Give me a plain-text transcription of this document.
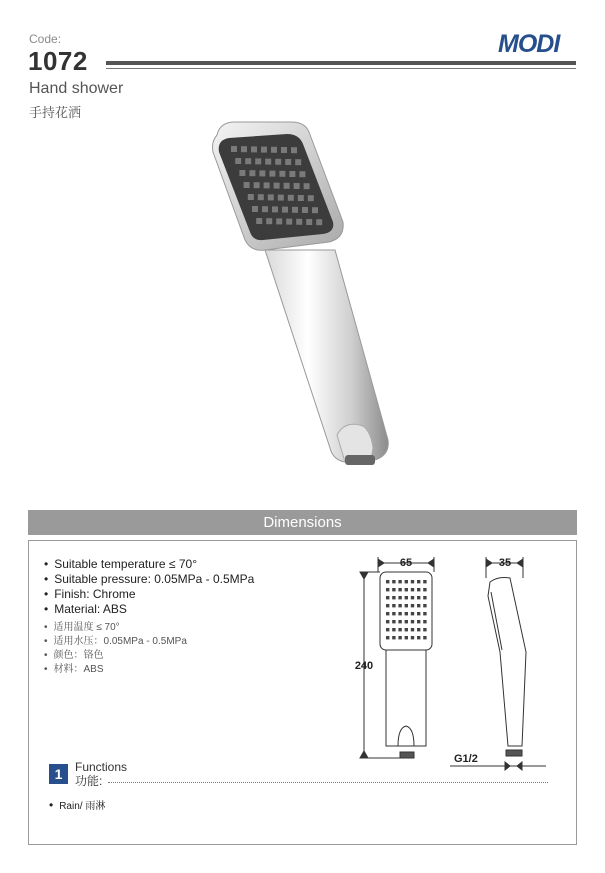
Code:
1072
MODI
Hand shower
手持花洒
Dimensions
• Suitable temperature ≤ 70°
• Suitable pressure: 0.05MPa - 0.5MPa
• Finish: Chrome
• Material: ABS
• 适用温度 ≤ 70°
• 适用水压：0.05MPa - 0.5MPa
• 颜色：铬色
• 材料：ABS
65	35
240
G1/2
1	Functions
功能:
• Rain/ 雨淋
